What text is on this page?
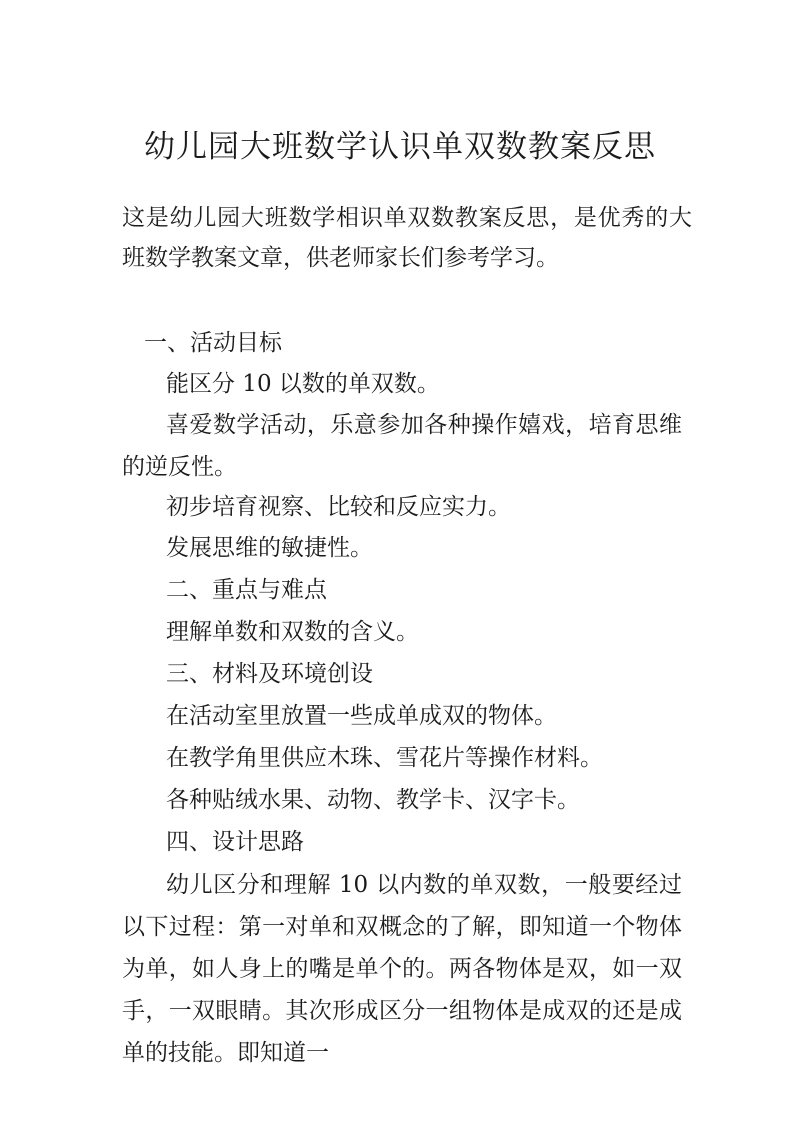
幼儿园大班数学认识单双数教案反思
这是幼儿园大班数学相识单双数教案反思，是优秀的大班数学教案文章，供老师家长们参考学习。
一、活动目标
能区分 10 以数的单双数。
喜爱数学活动，乐意参加各种操作嬉戏，培育思维的逆反性。
初步培育视察、比较和反应实力。
发展思维的敏捷性。
二、重点与难点
理解单数和双数的含义。
三、材料及环境创设
在活动室里放置一些成单成双的物体。
在教学角里供应木珠、雪花片等操作材料。
各种贴绒水果、动物、教学卡、汉字卡。
四、设计思路
幼儿区分和理解 10 以内数的单双数，一般要经过以下过程：第一对单和双概念的了解，即知道一个物体为单，如人身上的嘴是单个的。两各物体是双，如一双手，一双眼睛。其次形成区分一组物体是成双的还是成单的技能。即知道一
